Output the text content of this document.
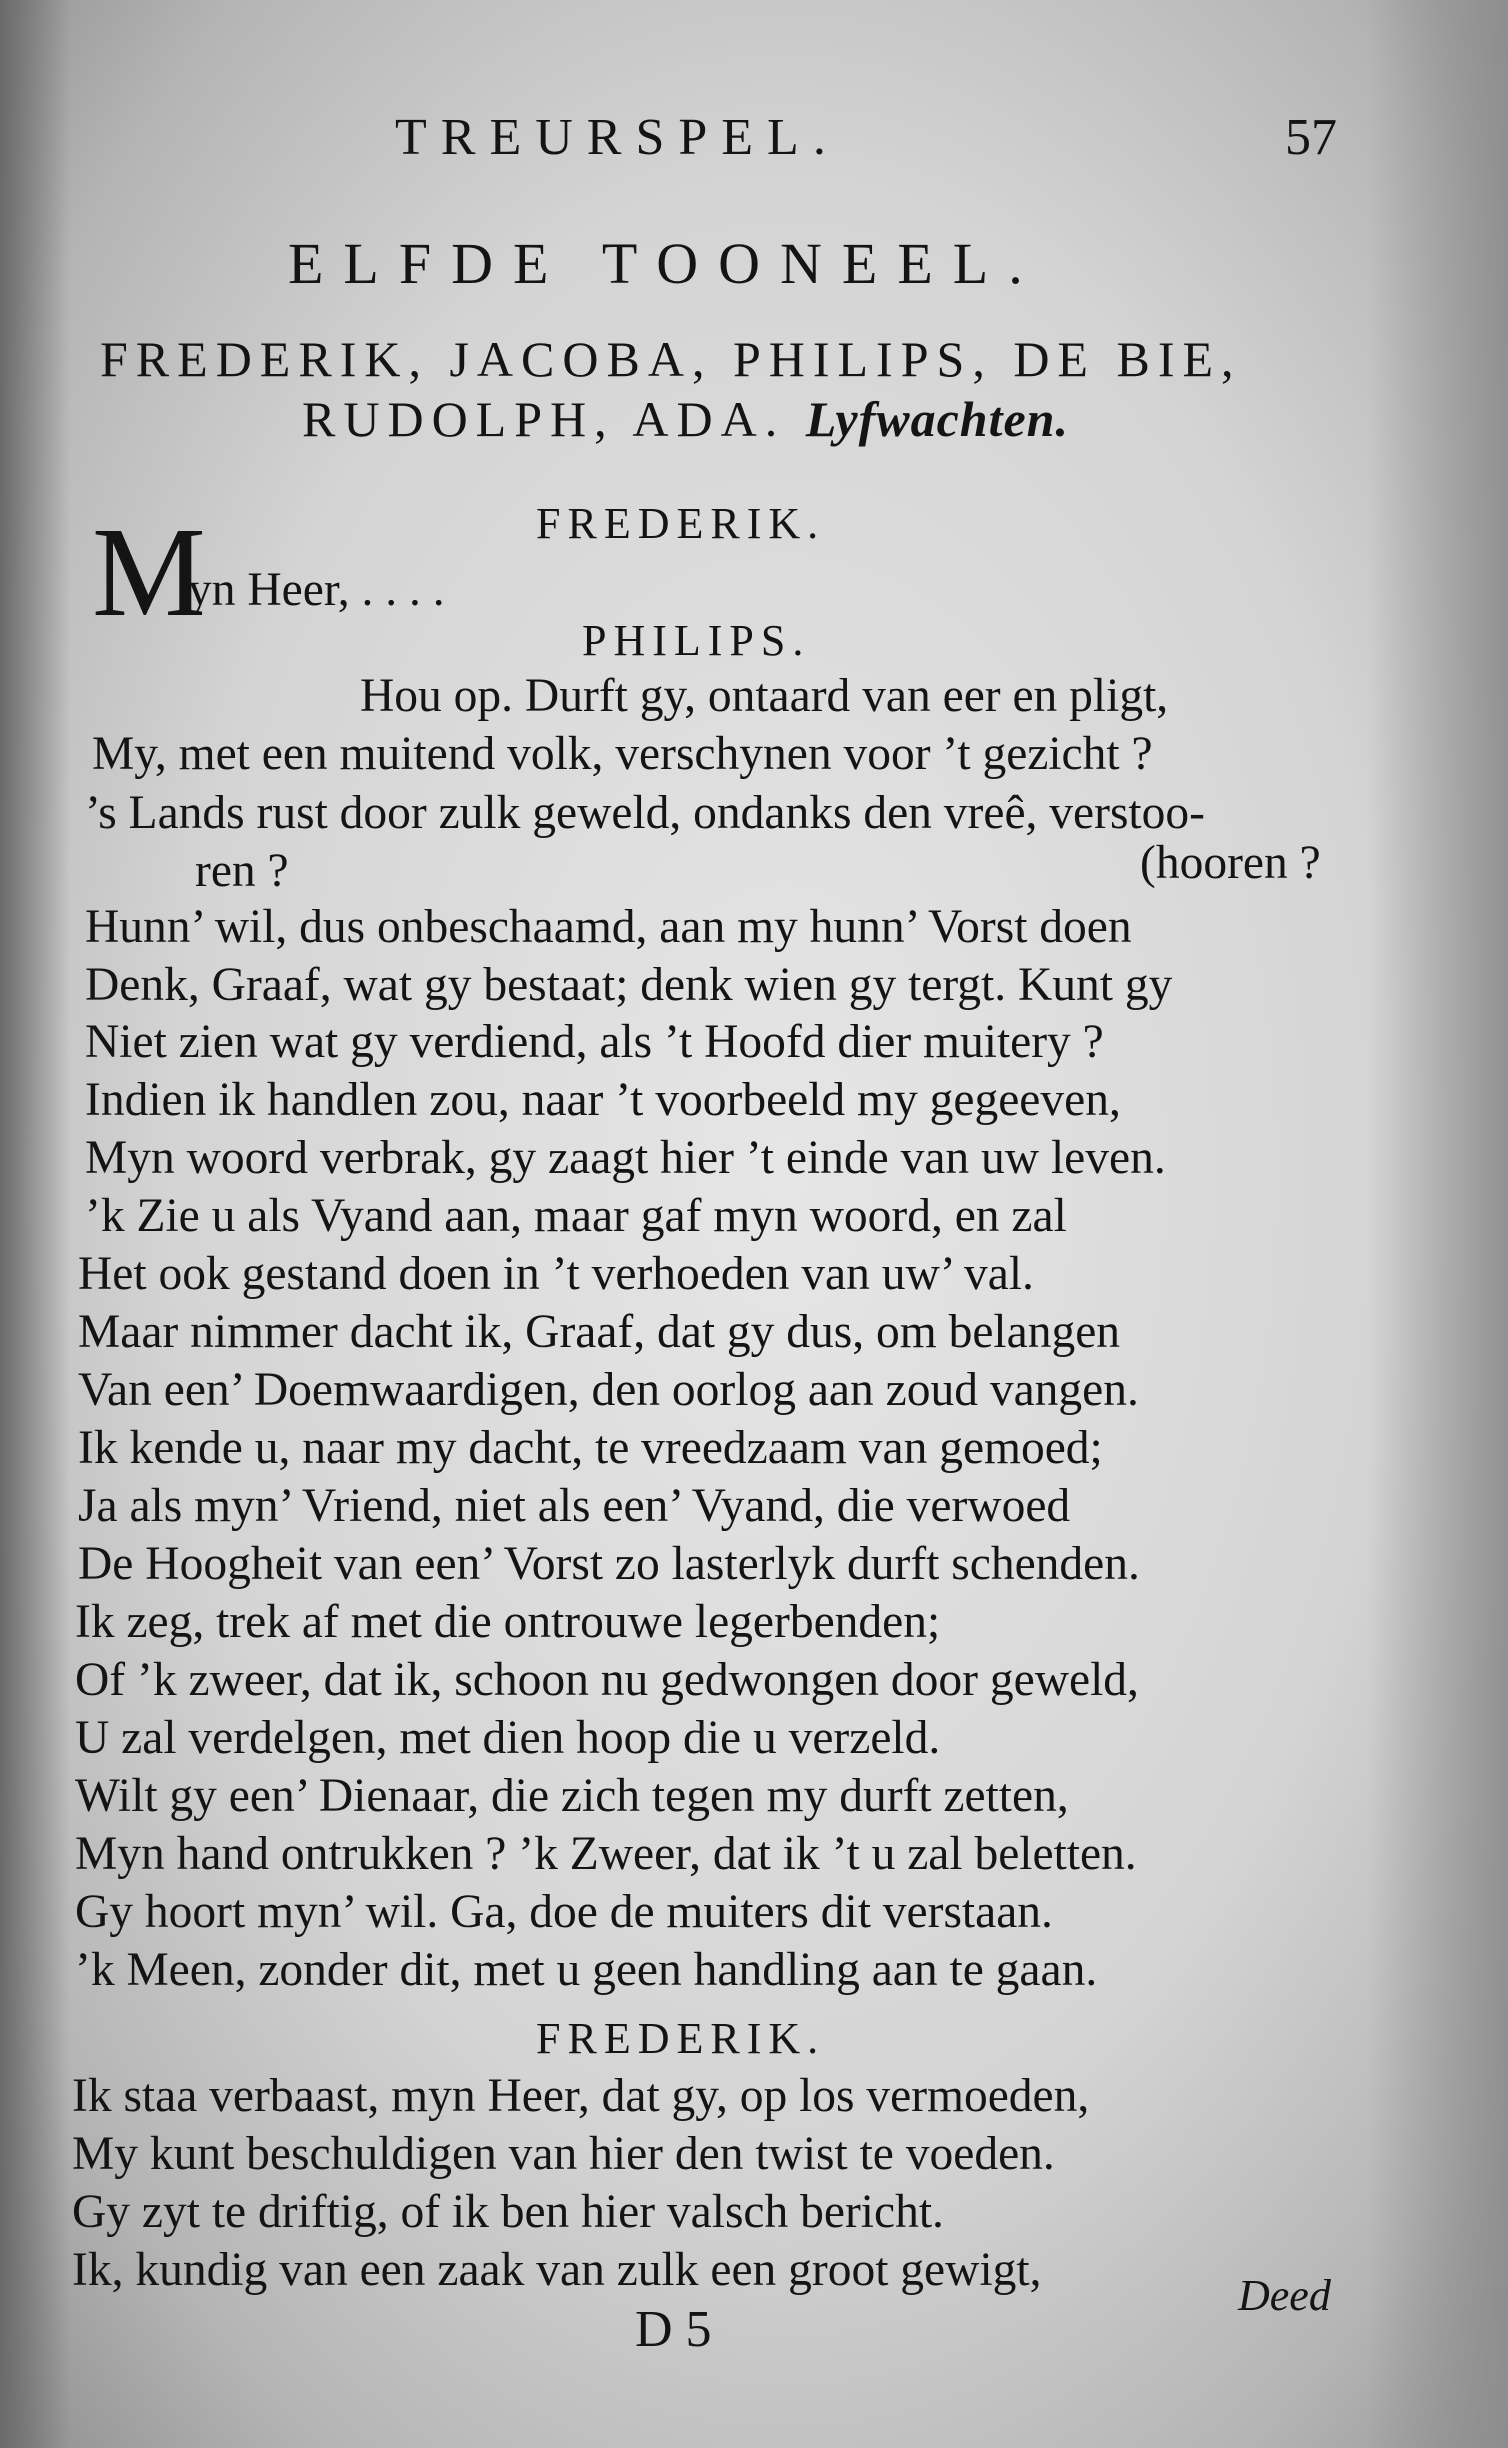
TREURSPEL.	57
ELFDE TOONEEL.
FREDERIK, JACOBA, PHILIPS, DE BIE,
RUDOLPH, ADA. Lyfwachten.
FREDERIK.
M
yn Heer, . . . .
PHILIPS.
Hou op. Durft gy, ontaard van eer en pligt,
My, met een muitend volk, verschynen voor ’t gezicht ?
’s Lands rust door zulk geweld, ondanks den vreê, verstoo-
ren ?	(hooren ?
Hunn’ wil, dus onbeschaamd, aan my hunn’ Vorst doen
Denk, Graaf, wat gy bestaat; denk wien gy tergt. Kunt gy
Niet zien wat gy verdiend, als ’t Hoofd dier muitery ?
Indien ik handlen zou, naar ’t voorbeeld my gegeeven,
Myn woord verbrak, gy zaagt hier ’t einde van uw leven.
’k Zie u als Vyand aan, maar gaf myn woord, en zal
Het ook gestand doen in ’t verhoeden van uw’ val.
Maar nimmer dacht ik, Graaf, dat gy dus, om belangen
Van een’ Doemwaardigen, den oorlog aan zoud vangen.
Ik kende u, naar my dacht, te vreedzaam van gemoed;
Ja als myn’ Vriend, niet als een’ Vyand, die verwoed
De Hoogheit van een’ Vorst zo lasterlyk durft schenden.
Ik zeg, trek af met die ontrouwe legerbenden;
Of ’k zweer, dat ik, schoon nu gedwongen door geweld,
U zal verdelgen, met dien hoop die u verzeld.
Wilt gy een’ Dienaar, die zich tegen my durft zetten,
Myn hand ontrukken ? ’k Zweer, dat ik ’t u zal beletten.
Gy hoort myn’ wil. Ga, doe de muiters dit verstaan.
’k Meen, zonder dit, met u geen handling aan te gaan.
FREDERIK.
Ik staa verbaast, myn Heer, dat gy, op los vermoeden,
My kunt beschuldigen van hier den twist te voeden.
Gy zyt te driftig, of ik ben hier valsch bericht.
Ik, kundig van een zaak van zulk een groot gewigt,	Deed
D 5
